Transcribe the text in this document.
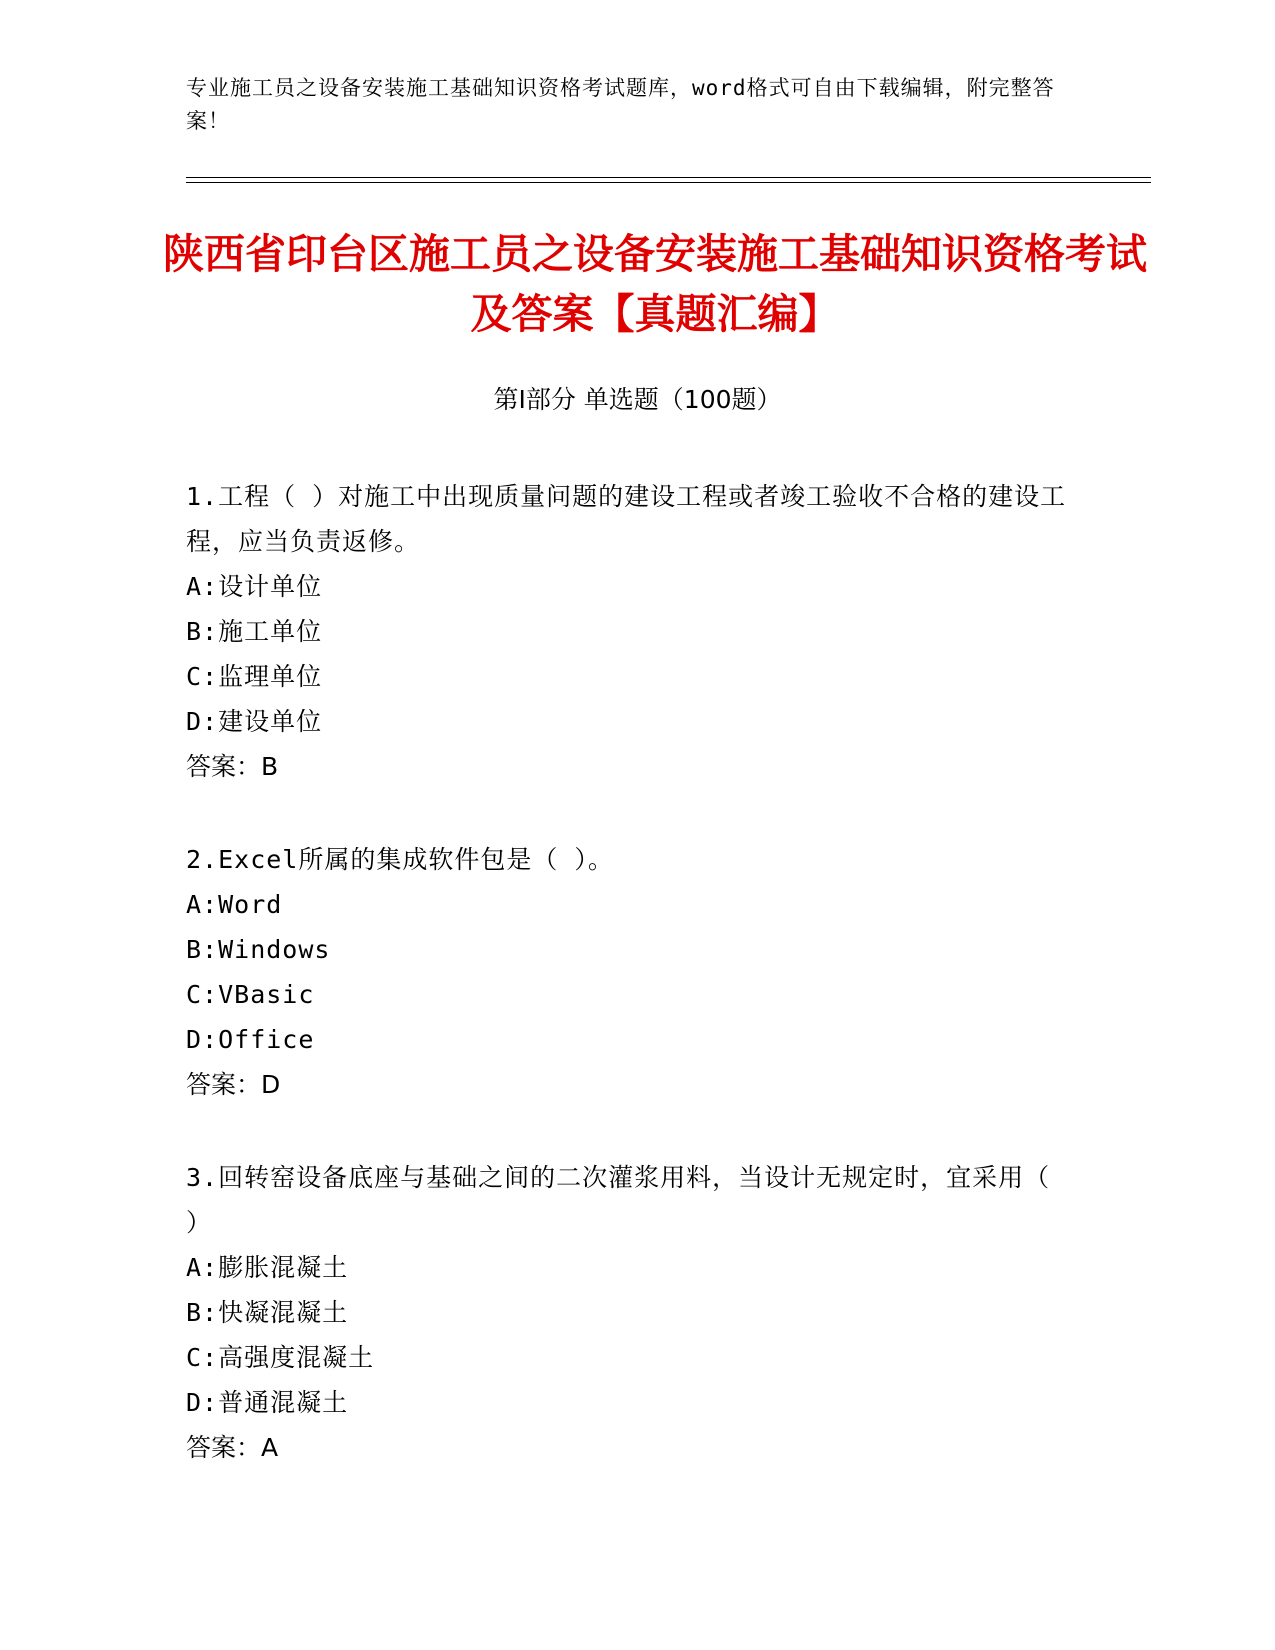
专业施工员之设备安装施工基础知识资格考试题库，word格式可自由下载编辑，附完整答案！
陕西省印台区施工员之设备安装施工基础知识资格考试及答案【真题汇编】
第I部分 单选题（100题）
1.工程（ ）对施工中出现质量问题的建设工程或者竣工验收不合格的建设工程，应当负责返修。
A:设计单位
B:施工单位
C:监理单位
D:建设单位
答案：B
2.Excel所属的集成软件包是（ ）。
A:Word
B:Windows
C:VBasic
D:Office
答案：D
3.回转窑设备底座与基础之间的二次灌浆用料，当设计无规定时，宜采用（ ）
A:膨胀混凝土
B:快凝混凝土
C:高强度混凝土
D:普通混凝土
答案：A
